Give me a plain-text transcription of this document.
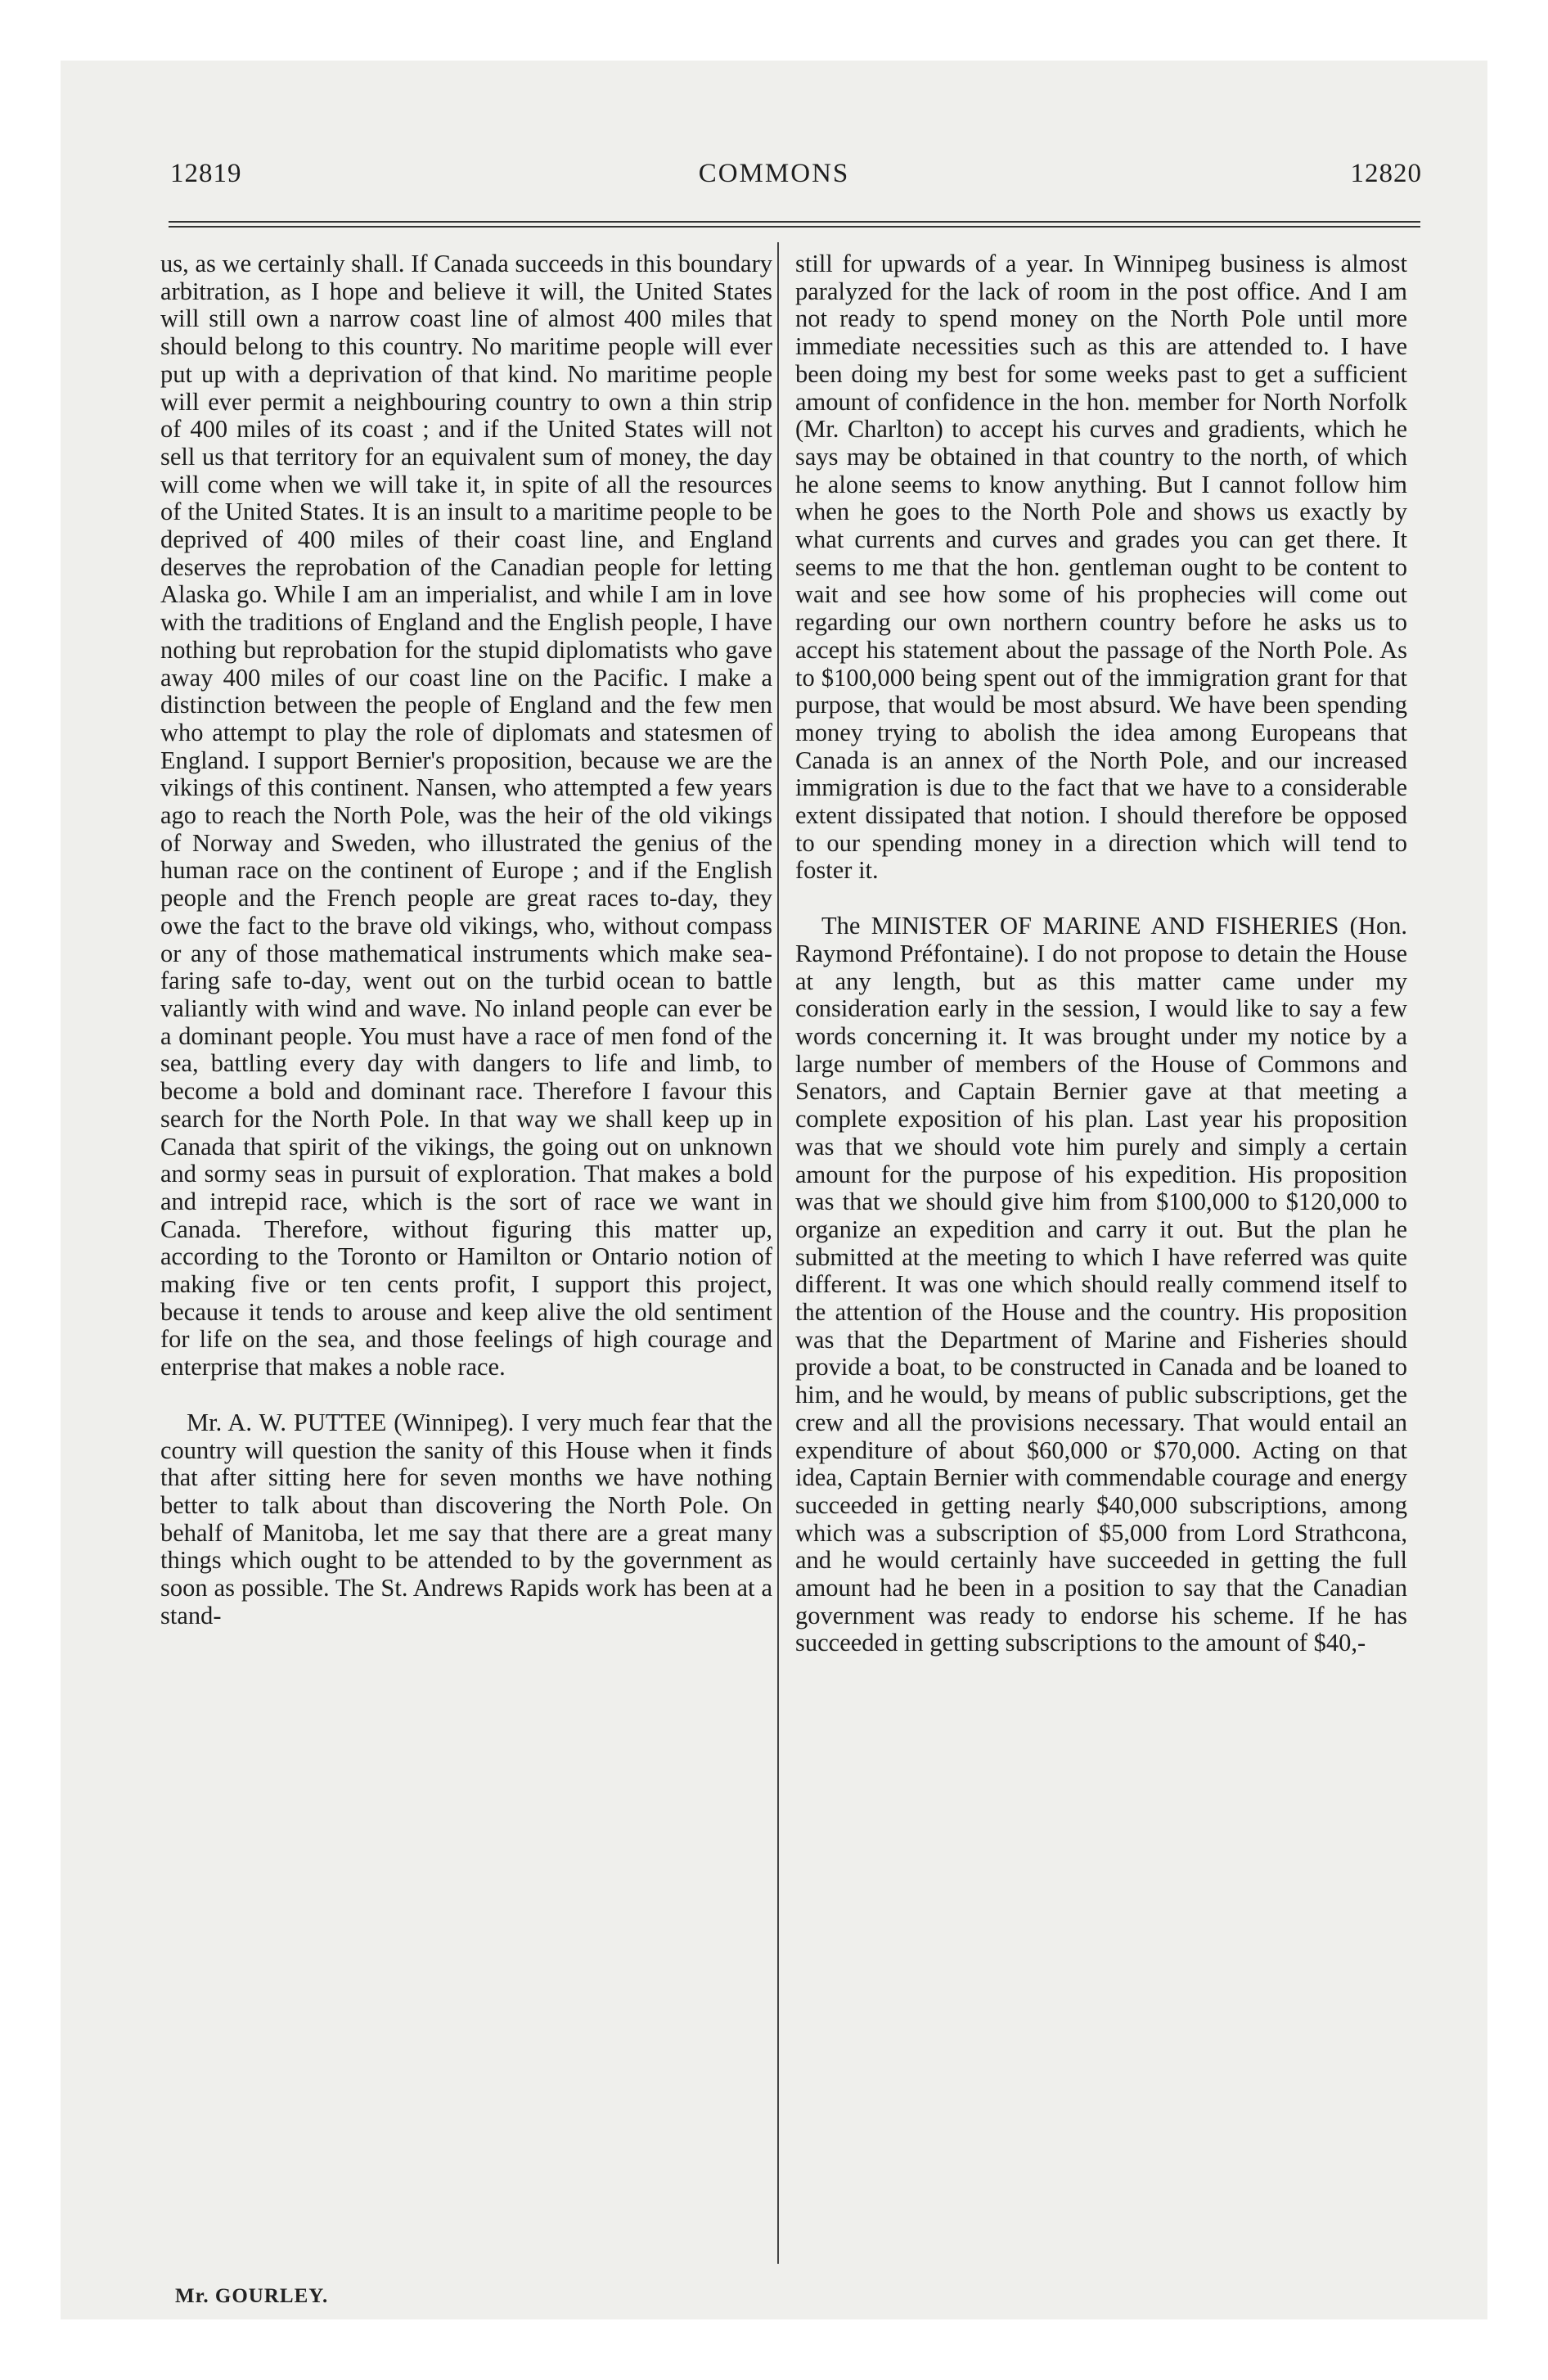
12819	COMMONS	12820

us, as we certainly shall. If Canada succeeds in this boundary arbitration, as I hope and believe it will, the United States will still own a narrow coast line of almost 400 miles that should belong to this country. No maritime people will ever put up with a deprivation of that kind. No maritime people will ever permit a neighbouring country to own a thin strip of 400 miles of its coast ; and if the United States will not sell us that territory for an equivalent sum of money, the day will come when we will take it, in spite of all the resources of the United States. It is an insult to a maritime people to be deprived of 400 miles of their coast line, and England deserves the reprobation of the Canadian people for letting Alaska go. While I am an imperialist, and while I am in love with the traditions of England and the English people, I have nothing but reprobation for the stupid diplomatists who gave away 400 miles of our coast line on the Pacific. I make a distinction between the people of England and the few men who attempt to play the role of diplomats and statesmen of England. I support Bernier's proposition, because we are the vikings of this continent. Nansen, who attempted a few years ago to reach the North Pole, was the heir of the old vikings of Norway and Sweden, who illustrated the genius of the human race on the continent of Europe ; and if the English people and the French people are great races to-day, they owe the fact to the brave old vikings, who, without compass or any of those mathematical instruments which make sea-faring safe to-day, went out on the turbid ocean to battle valiantly with wind and wave. No inland people can ever be a dominant people. You must have a race of men fond of the sea, battling every day with dangers to life and limb, to become a bold and dominant race. Therefore I favour this search for the North Pole. In that way we shall keep up in Canada that spirit of the vikings, the going out on unknown and sormy seas in pursuit of exploration. That makes a bold and intrepid race, which is the sort of race we want in Canada. Therefore, without figuring this matter up, according to the Toronto or Hamilton or Ontario notion of making five or ten cents profit, I support this project, because it tends to arouse and keep alive the old sentiment for life on the sea, and those feelings of high courage and enterprise that makes a noble race.

Mr. A. W. PUTTEE (Winnipeg). I very much fear that the country will question the sanity of this House when it finds that after sitting here for seven months we have nothing better to talk about than discovering the North Pole. On behalf of Manitoba, let me say that there are a great many things which ought to be attended to by the government as soon as possible. The St. Andrews Rapids work has been at a stand-

still for upwards of a year. In Winnipeg business is almost paralyzed for the lack of room in the post office. And I am not ready to spend money on the North Pole until more immediate necessities such as this are attended to. I have been doing my best for some weeks past to get a sufficient amount of confidence in the hon. member for North Norfolk (Mr. Charlton) to accept his curves and gradients, which he says may be obtained in that country to the north, of which he alone seems to know anything. But I cannot follow him when he goes to the North Pole and shows us exactly by what currents and curves and grades you can get there. It seems to me that the hon. gentleman ought to be content to wait and see how some of his prophecies will come out regarding our own northern country before he asks us to accept his statement about the passage of the North Pole. As to $100,000 being spent out of the immigration grant for that purpose, that would be most absurd. We have been spending money trying to abolish the idea among Europeans that Canada is an annex of the North Pole, and our increased immigration is due to the fact that we have to a considerable extent dissipated that notion. I should therefore be opposed to our spending money in a direction which will tend to foster it.

The MINISTER OF MARINE AND FISHERIES (Hon. Raymond Préfontaine). I do not propose to detain the House at any length, but as this matter came under my consideration early in the session, I would like to say a few words concerning it. It was brought under my notice by a large number of members of the House of Commons and Senators, and Captain Bernier gave at that meeting a complete exposition of his plan. Last year his proposition was that we should vote him purely and simply a certain amount for the purpose of his expedition. His proposition was that we should give him from $100,000 to $120,000 to organize an expedition and carry it out. But the plan he submitted at the meeting to which I have referred was quite different. It was one which should really commend itself to the attention of the House and the country. His proposition was that the Department of Marine and Fisheries should provide a boat, to be constructed in Canada and be loaned to him, and he would, by means of public subscriptions, get the crew and all the provisions necessary. That would entail an expenditure of about $60,000 or $70,000. Acting on that idea, Captain Bernier with commendable courage and energy succeeded in getting nearly $40,000 subscriptions, among which was a subscription of $5,000 from Lord Strathcona, and he would certainly have succeeded in getting the full amount had he been in a position to say that the Canadian government was ready to endorse his scheme. If he has succeeded in getting subscriptions to the amount of $40,-

Mr. GOURLEY.
